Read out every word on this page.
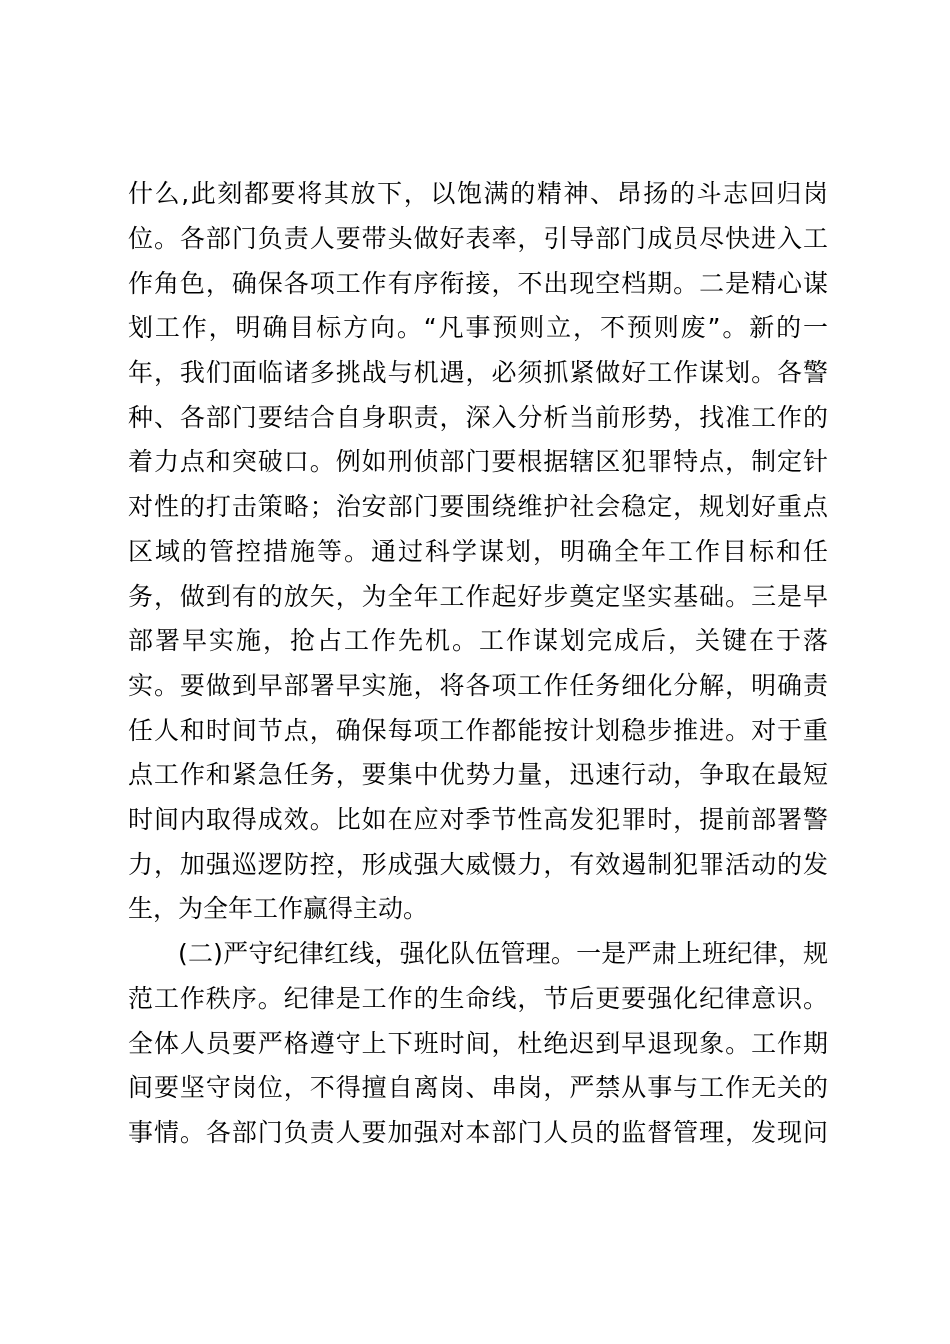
什么,此刻都要将其放下，以饱满的精神、昂扬的斗志回归岗
位。各部门负责人要带头做好表率，引导部门成员尽快进入工
作角色，确保各项工作有序衔接，不出现空档期。二是精心谋
划工作，明确目标方向。“凡事预则立，不预则废”。新的一
年，我们面临诸多挑战与机遇，必须抓紧做好工作谋划。各警
种、各部门要结合自身职责，深入分析当前形势，找准工作的
着力点和突破口。例如刑侦部门要根据辖区犯罪特点，制定针
对性的打击策略；治安部门要围绕维护社会稳定，规划好重点
区域的管控措施等。通过科学谋划，明确全年工作目标和任
务，做到有的放矢，为全年工作起好步奠定坚实基础。三是早
部署早实施，抢占工作先机。工作谋划完成后，关键在于落
实。要做到早部署早实施，将各项工作任务细化分解，明确责
任人和时间节点，确保每项工作都能按计划稳步推进。对于重
点工作和紧急任务，要集中优势力量，迅速行动，争取在最短
时间内取得成效。比如在应对季节性高发犯罪时，提前部署警
力，加强巡逻防控，形成强大威慑力，有效遏制犯罪活动的发
生，为全年工作赢得主动。
(二)严守纪律红线，强化队伍管理。一是严肃上班纪律，规
范工作秩序。纪律是工作的生命线，节后更要强化纪律意识。
全体人员要严格遵守上下班时间，杜绝迟到早退现象。工作期
间要坚守岗位，不得擅自离岗、串岗，严禁从事与工作无关的
事情。各部门负责人要加强对本部门人员的监督管理，发现问
